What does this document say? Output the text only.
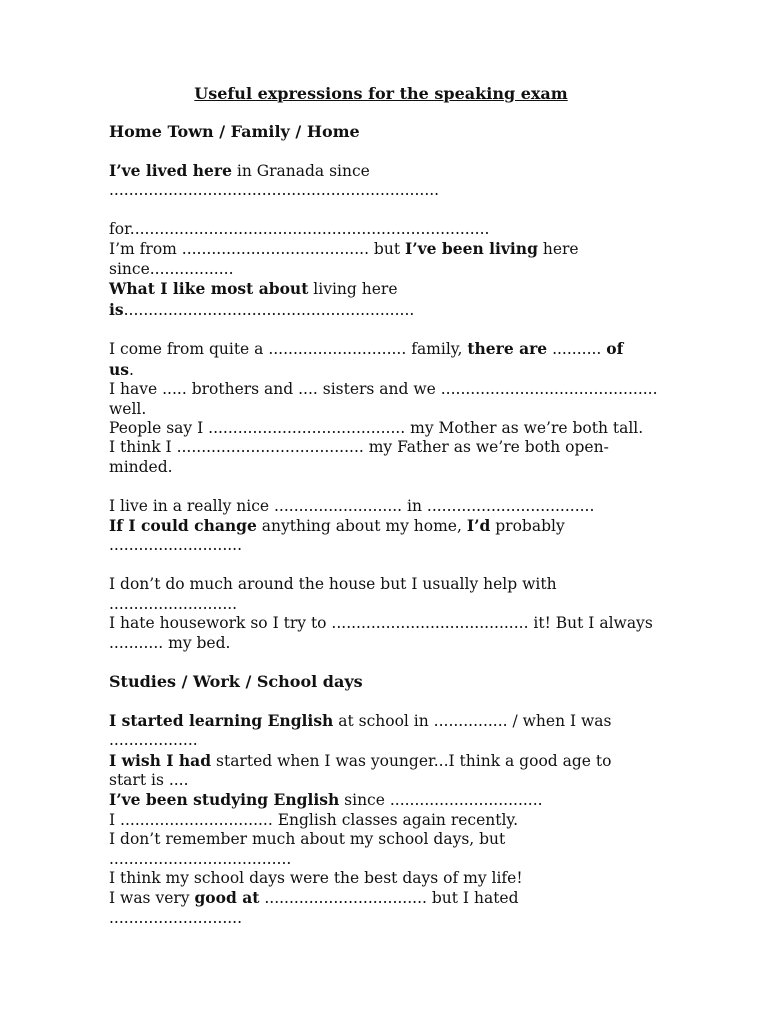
Useful expressions for the speaking exam
Home Town / Family / Home
I’ve lived here in Granada since
...................................................................
for.........................................................................
I’m from ...................................... but I’ve been living here
since.................
What I like most about living here
is...........................................................
I come from quite a ............................ family, there are .......... of
us.
I have ..... brothers and .... sisters and we ............................................
well.
People say I ........................................ my Mother as we’re both tall.
I think I ...................................... my Father as we’re both open-
minded.
I live in a really nice .......................... in ..................................
If I could change anything about my home, I’d probably
...........................
I don’t do much around the house but I usually help with
..........................
I hate housework so I try to ........................................ it! But I always
........... my bed.
Studies / Work / School days
I started learning English at school in ............... / when I was
..................
I wish I had started when I was younger...I think a good age to
start is ....
I’ve been studying English since ...............................
I ............................... English classes again recently.
I don’t remember much about my school days, but
.....................................
I think my school days were the best days of my life!
I was very good at ................................. but I hated
...........................
